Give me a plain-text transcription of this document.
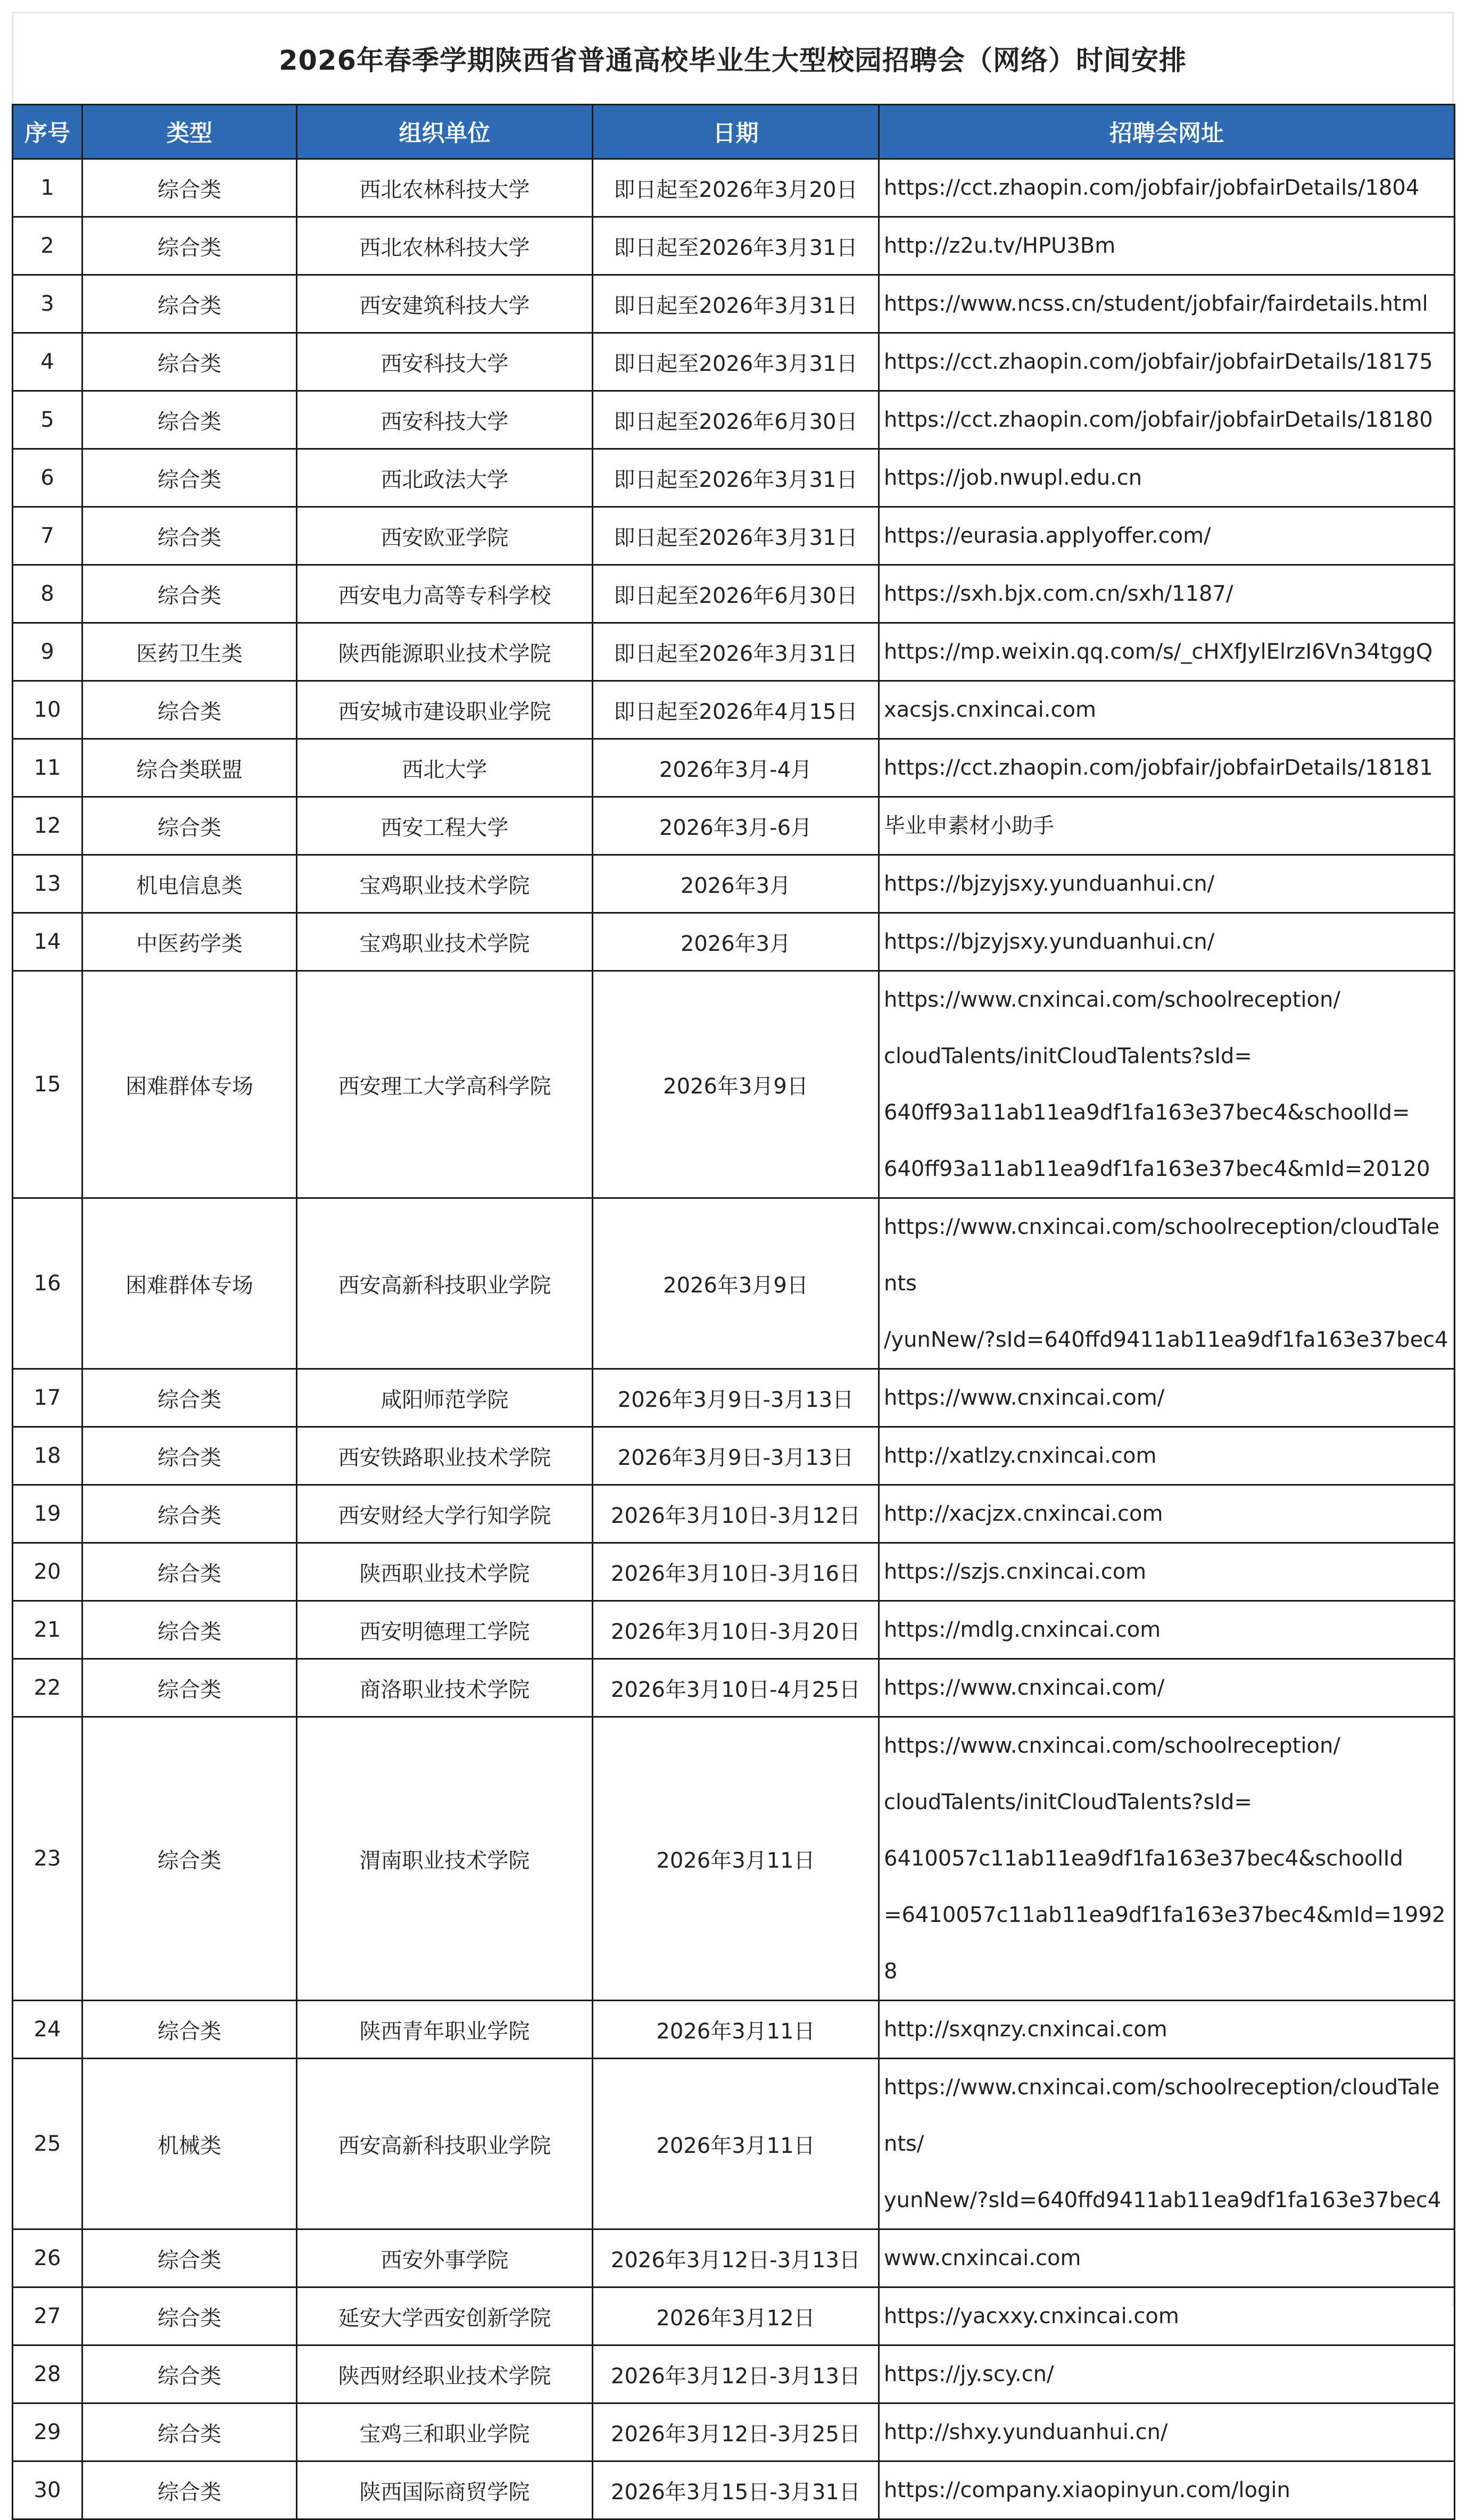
2026年春季学期陕西省普通高校毕业生大型校园招聘会（网络）时间安排
序号	类型	组织单位	日期	招聘会网址
1	综合类	西北农林科技大学	即日起至2026年3月20日	https://cct.zhaopin.com/jobfair/jobfairDetails/1804

2	综合类	西北农林科技大学	即日起至2026年3月31日	http://z2u.tv/HPU3Bm

3	综合类	西安建筑科技大学	即日起至2026年3月31日	https://www.ncss.cn/student/jobfair/fairdetails.html

4	综合类	西安科技大学	即日起至2026年3月31日	https://cct.zhaopin.com/jobfair/jobfairDetails/18175

5	综合类	西安科技大学	即日起至2026年6月30日	https://cct.zhaopin.com/jobfair/jobfairDetails/18180

6	综合类	西北政法大学	即日起至2026年3月31日	https://job.nwupl.edu.cn

7	综合类	西安欧亚学院	即日起至2026年3月31日	https://eurasia.applyoffer.com/

8	综合类	西安电力高等专科学校	即日起至2026年6月30日	https://sxh.bjx.com.cn/sxh/1187/

9	医药卫生类	陕西能源职业技术学院	即日起至2026年3月31日	https://mp.weixin.qq.com/s/_cHXfJylElrzI6Vn34tggQ

10	综合类	西安城市建设职业学院	即日起至2026年4月15日	xacsjs.cnxincai.com

11	综合类联盟	西北大学	2026年3月-4月	https://cct.zhaopin.com/jobfair/jobfairDetails/18181

12	综合类	西安工程大学	2026年3月-6月	毕业申素材小助手

13	机电信息类	宝鸡职业技术学院	2026年3月	https://bjzyjsxy.yunduanhui.cn/

14	中医药学类	宝鸡职业技术学院	2026年3月	https://bjzyjsxy.yunduanhui.cn/

15	困难群体专场	西安理工大学高科学院	2026年3月9日	https://www.cnxincai.com/schoolreception/
cloudTalents/initCloudTalents?sId=
640ff93a11ab11ea9df1fa163e37bec4&schoolId=
640ff93a11ab11ea9df1fa163e37bec4&mId=20120

16	困难群体专场	西安高新科技职业学院	2026年3月9日	https://www.cnxincai.com/schoolreception/cloudTalents
/yunNew/?sId=640ffd9411ab11ea9df1fa163e37bec4

17	综合类	咸阳师范学院	2026年3月9日-3月13日	https://www.cnxincai.com/

18	综合类	西安铁路职业技术学院	2026年3月9日-3月13日	http://xatlzy.cnxincai.com

19	综合类	西安财经大学行知学院	2026年3月10日-3月12日	http://xacjzx.cnxincai.com

20	综合类	陕西职业技术学院	2026年3月10日-3月16日	https://szjs.cnxincai.com

21	综合类	西安明德理工学院	2026年3月10日-3月20日	https://mdlg.cnxincai.com

22	综合类	商洛职业技术学院	2026年3月10日-4月25日	https://www.cnxincai.com/

23	综合类	渭南职业技术学院	2026年3月11日	https://www.cnxincai.com/schoolreception/
cloudTalents/initCloudTalents?sId=
6410057c11ab11ea9df1fa163e37bec4&schoolId
=6410057c11ab11ea9df1fa163e37bec4&mId=19928

24	综合类	陕西青年职业学院	2026年3月11日	http://sxqnzy.cnxincai.com

25	机械类	西安高新科技职业学院	2026年3月11日	https://www.cnxincai.com/schoolreception/cloudTalents/
yunNew/?sId=640ffd9411ab11ea9df1fa163e37bec4

26	综合类	西安外事学院	2026年3月12日-3月13日	www.cnxincai.com

27	综合类	延安大学西安创新学院	2026年3月12日	https://yacxxy.cnxincai.com

28	综合类	陕西财经职业技术学院	2026年3月12日-3月13日	https://jy.scy.cn/

29	综合类	宝鸡三和职业学院	2026年3月12日-3月25日	http://shxy.yunduanhui.cn/

30	综合类	陕西国际商贸学院	2026年3月15日-3月31日	https://company.xiaopinyun.com/login
